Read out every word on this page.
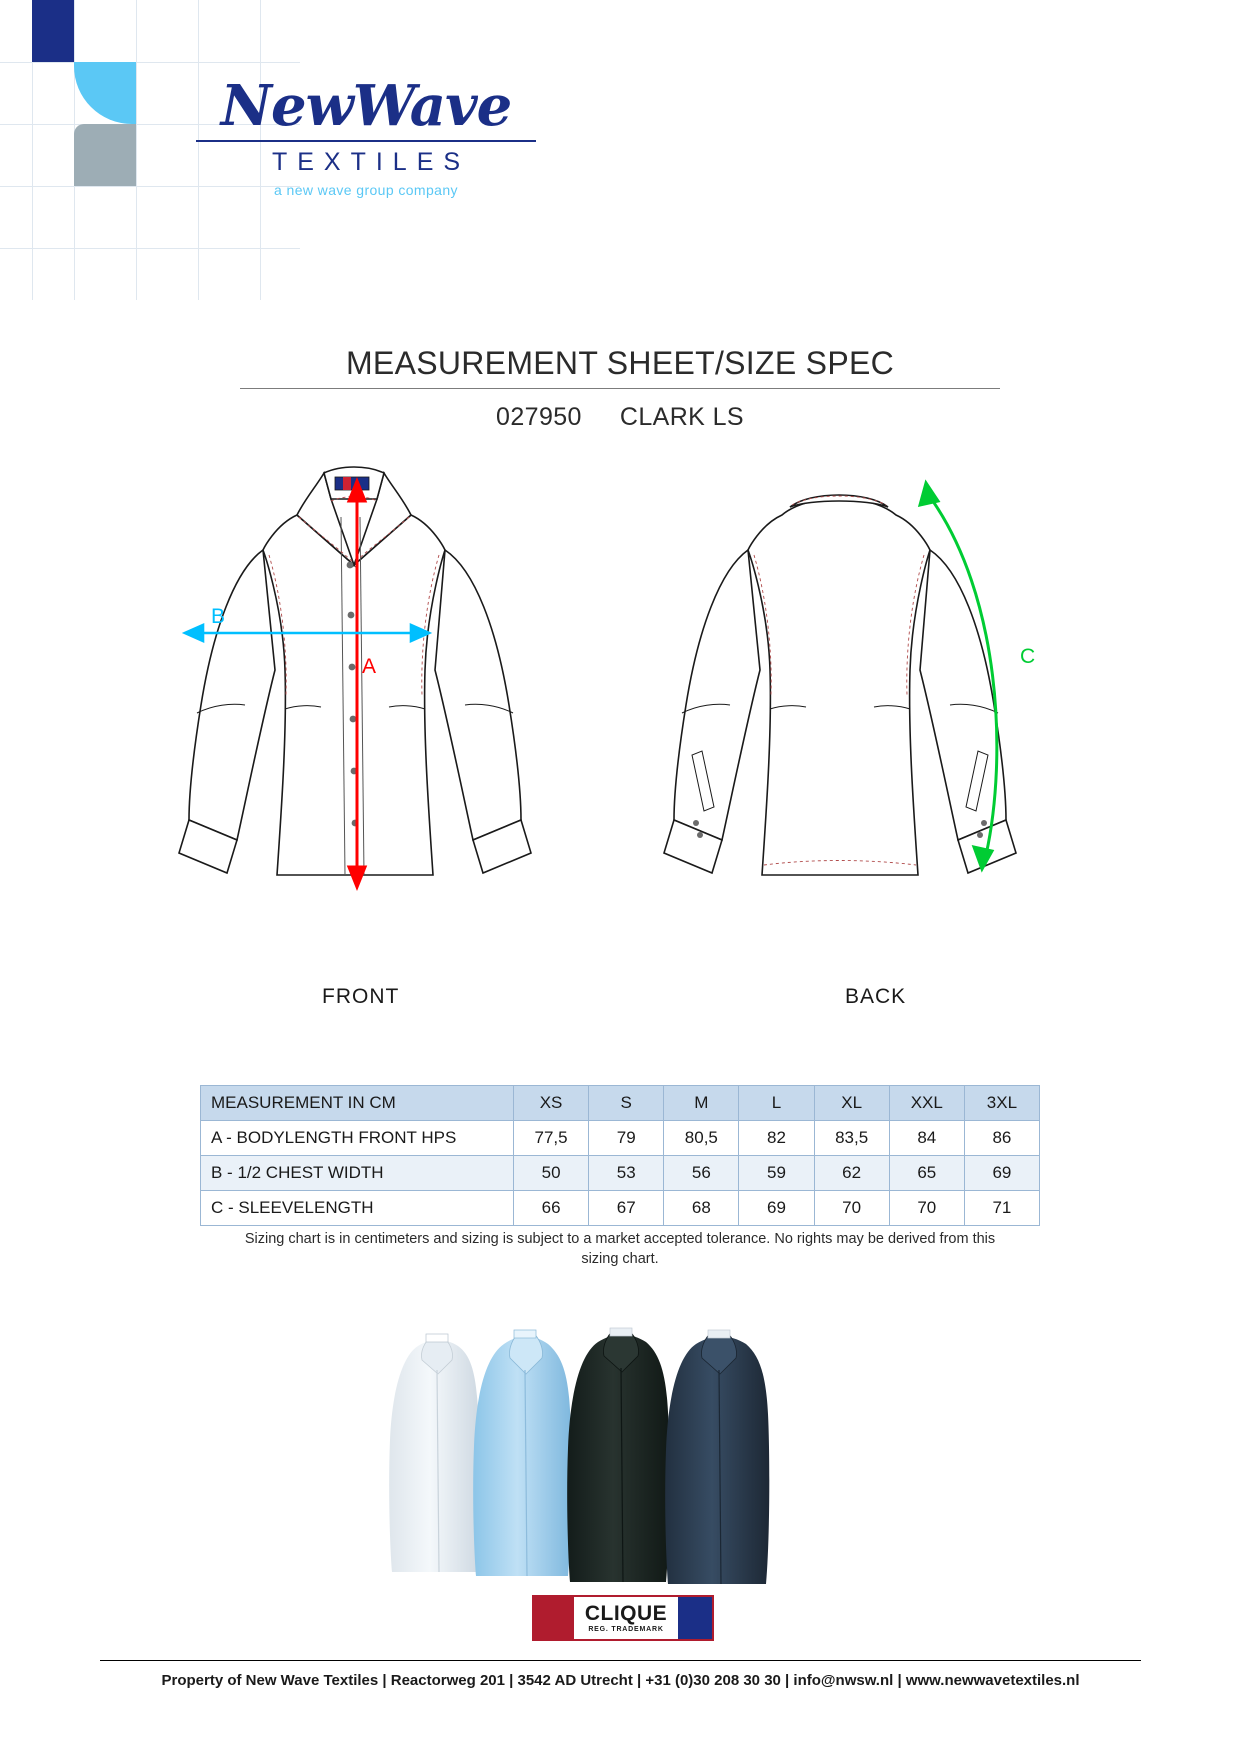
NewWave
TEXTILES
a new wave group company
MEASUREMENT SHEET/SIZE SPEC
027950 CLARK LS
B
A	C
FRONT	BACK
MEASUREMENT IN CM	XS	S	M	L	XL	XXL	3XL
A - BODYLENGTH FRONT HPS	77,5	79	80,5	82	83,5	84	86
B - 1/2 CHEST WIDTH	50	53	56	59	62	65	69
C - SLEEVELENGTH	66	67	68	69	70	70	71
Sizing chart is in centimeters and sizing is subject to a market accepted tolerance. No rights may be derived from this sizing chart.
CLIQUE
REG. TRADEMARK
Property of New Wave Textiles | Reactorweg 201 | 3542 AD Utrecht | +31 (0)30 208 30 30 | info@nwsw.nl | www.newwavetextiles.nl
